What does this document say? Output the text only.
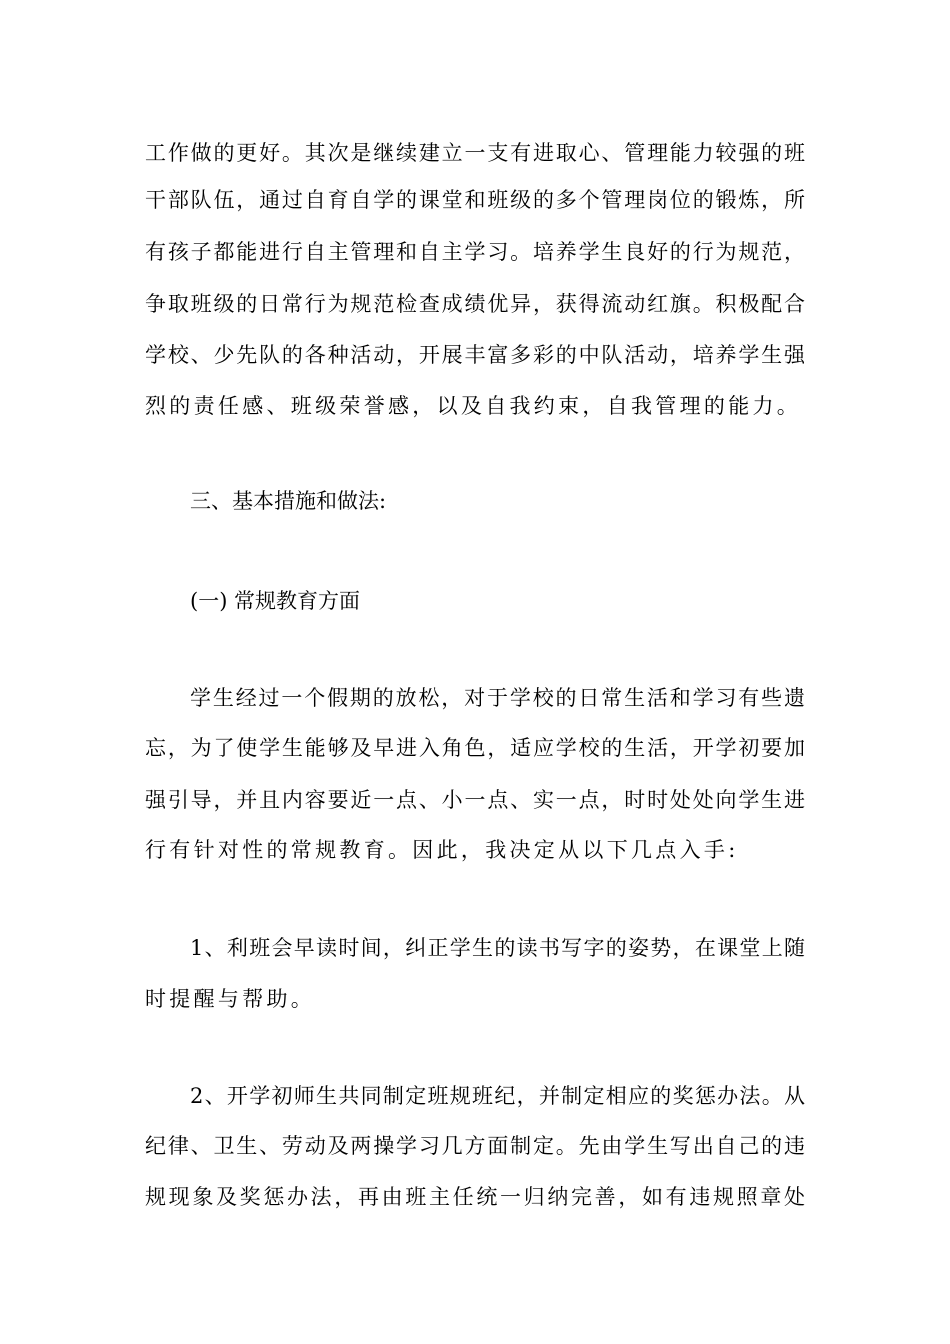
工作做的更好。其次是继续建立一支有进取心、管理能力较强的班
干部队伍，通过自育自学的课堂和班级的多个管理岗位的锻炼，所
有孩子都能进行自主管理和自主学习。培养学生良好的行为规范，
争取班级的日常行为规范检查成绩优异，获得流动红旗。积极配合
学校、少先队的各种活动，开展丰富多彩的中队活动，培养学生强
烈的责任感、班级荣誉感，以及自我约束，自我管理的能力。
三、基本措施和做法:
(一) 常规教育方面
学生经过一个假期的放松，对于学校的日常生活和学习有些遗
忘，为了使学生能够及早进入角色，适应学校的生活，开学初要加
强引导，并且内容要近一点、小一点、实一点，时时处处向学生进
行有针对性的常规教育。因此，我决定从以下几点入手:
1、利班会早读时间，纠正学生的读书写字的姿势，在课堂上随
时提醒与帮助。
2、开学初师生共同制定班规班纪，并制定相应的奖惩办法。从
纪律、卫生、劳动及两操学习几方面制定。先由学生写出自己的违
规现象及奖惩办法，再由班主任统一归纳完善，如有违规照章处
